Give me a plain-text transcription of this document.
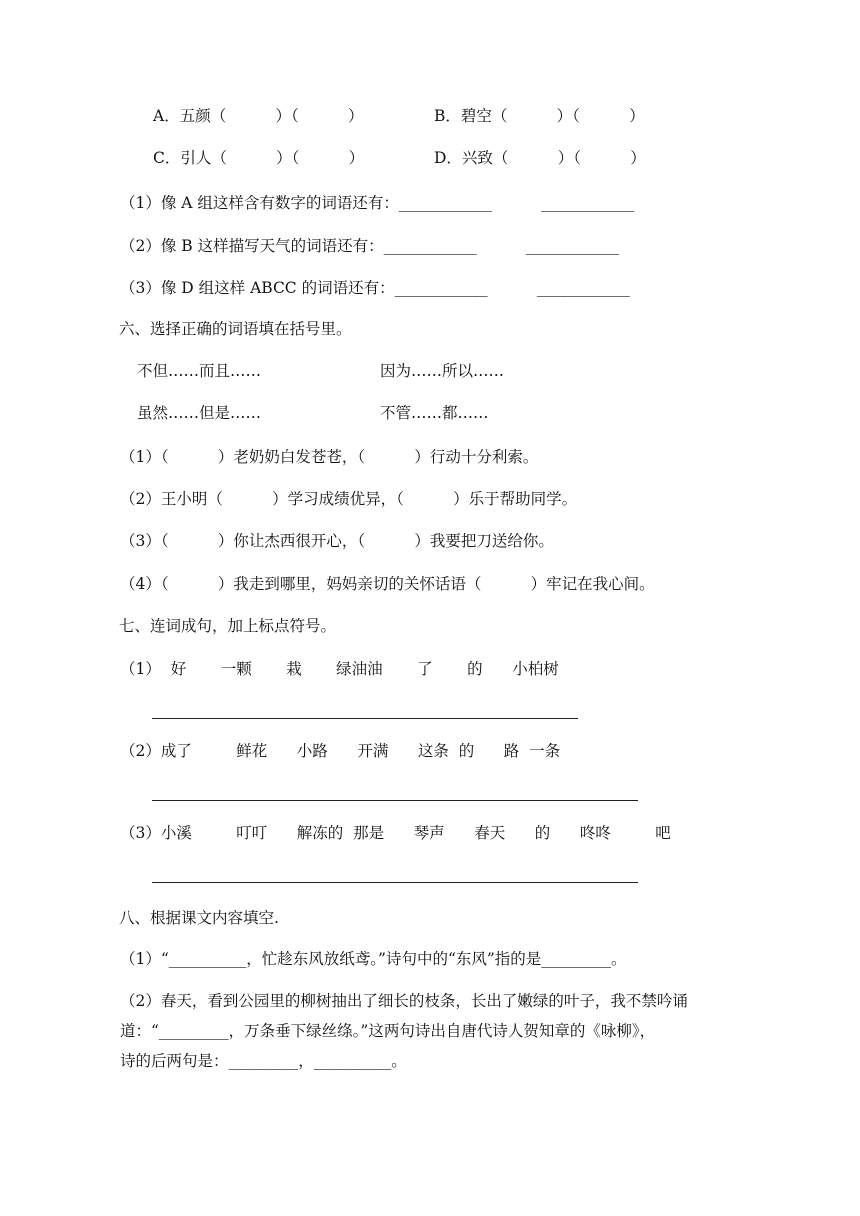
A．五颜（          ）（          ）	B．碧空（          ）（          ）
C．引人（          ）（          ）	D．兴致（          ）（          ）
（1）像 A 组这样含有数字的词语还有：____________          ____________
（2）像 B 这样描写天气的词语还有：____________          ____________
（3）像 D 组这样 ABCC 的词语还有：____________          ____________
六、选择正确的词语填在括号里。
不但……而且……	因为……所以……
虽然……但是……	不管……都……
（1）（          ）老奶奶白发苍苍，（          ）行动十分利索。
（2）王小明（          ）学习成绩优异，（          ）乐于帮助同学。
（3）（          ）你让杰西很开心，（          ）我要把刀送给你。
（4）（          ）我走到哪里，妈妈亲切的关怀话语（          ）牢记在我心间。
七、连词成句，加上标点符号。
（1）  好       一颗       栽       绿油油       了       的      小柏树
（2）成了         鲜花      小路      开满      这条  的      路  一条
（3）小溪         叮叮      解冻的  那是      琴声      春天      的      咚咚         吧
八、根据课文内容填空.
（1）“__________，忙趁东风放纸鸢。”诗句中的“东风”指的是_________。
（2）春天，看到公园里的柳树抽出了细长的枝条，长出了嫩绿的叶子，我不禁吟诵
道：“_________，万条垂下绿丝绦。”这两句诗出自唐代诗人贺知章的《咏柳》，
诗的后两句是：_________，__________。
